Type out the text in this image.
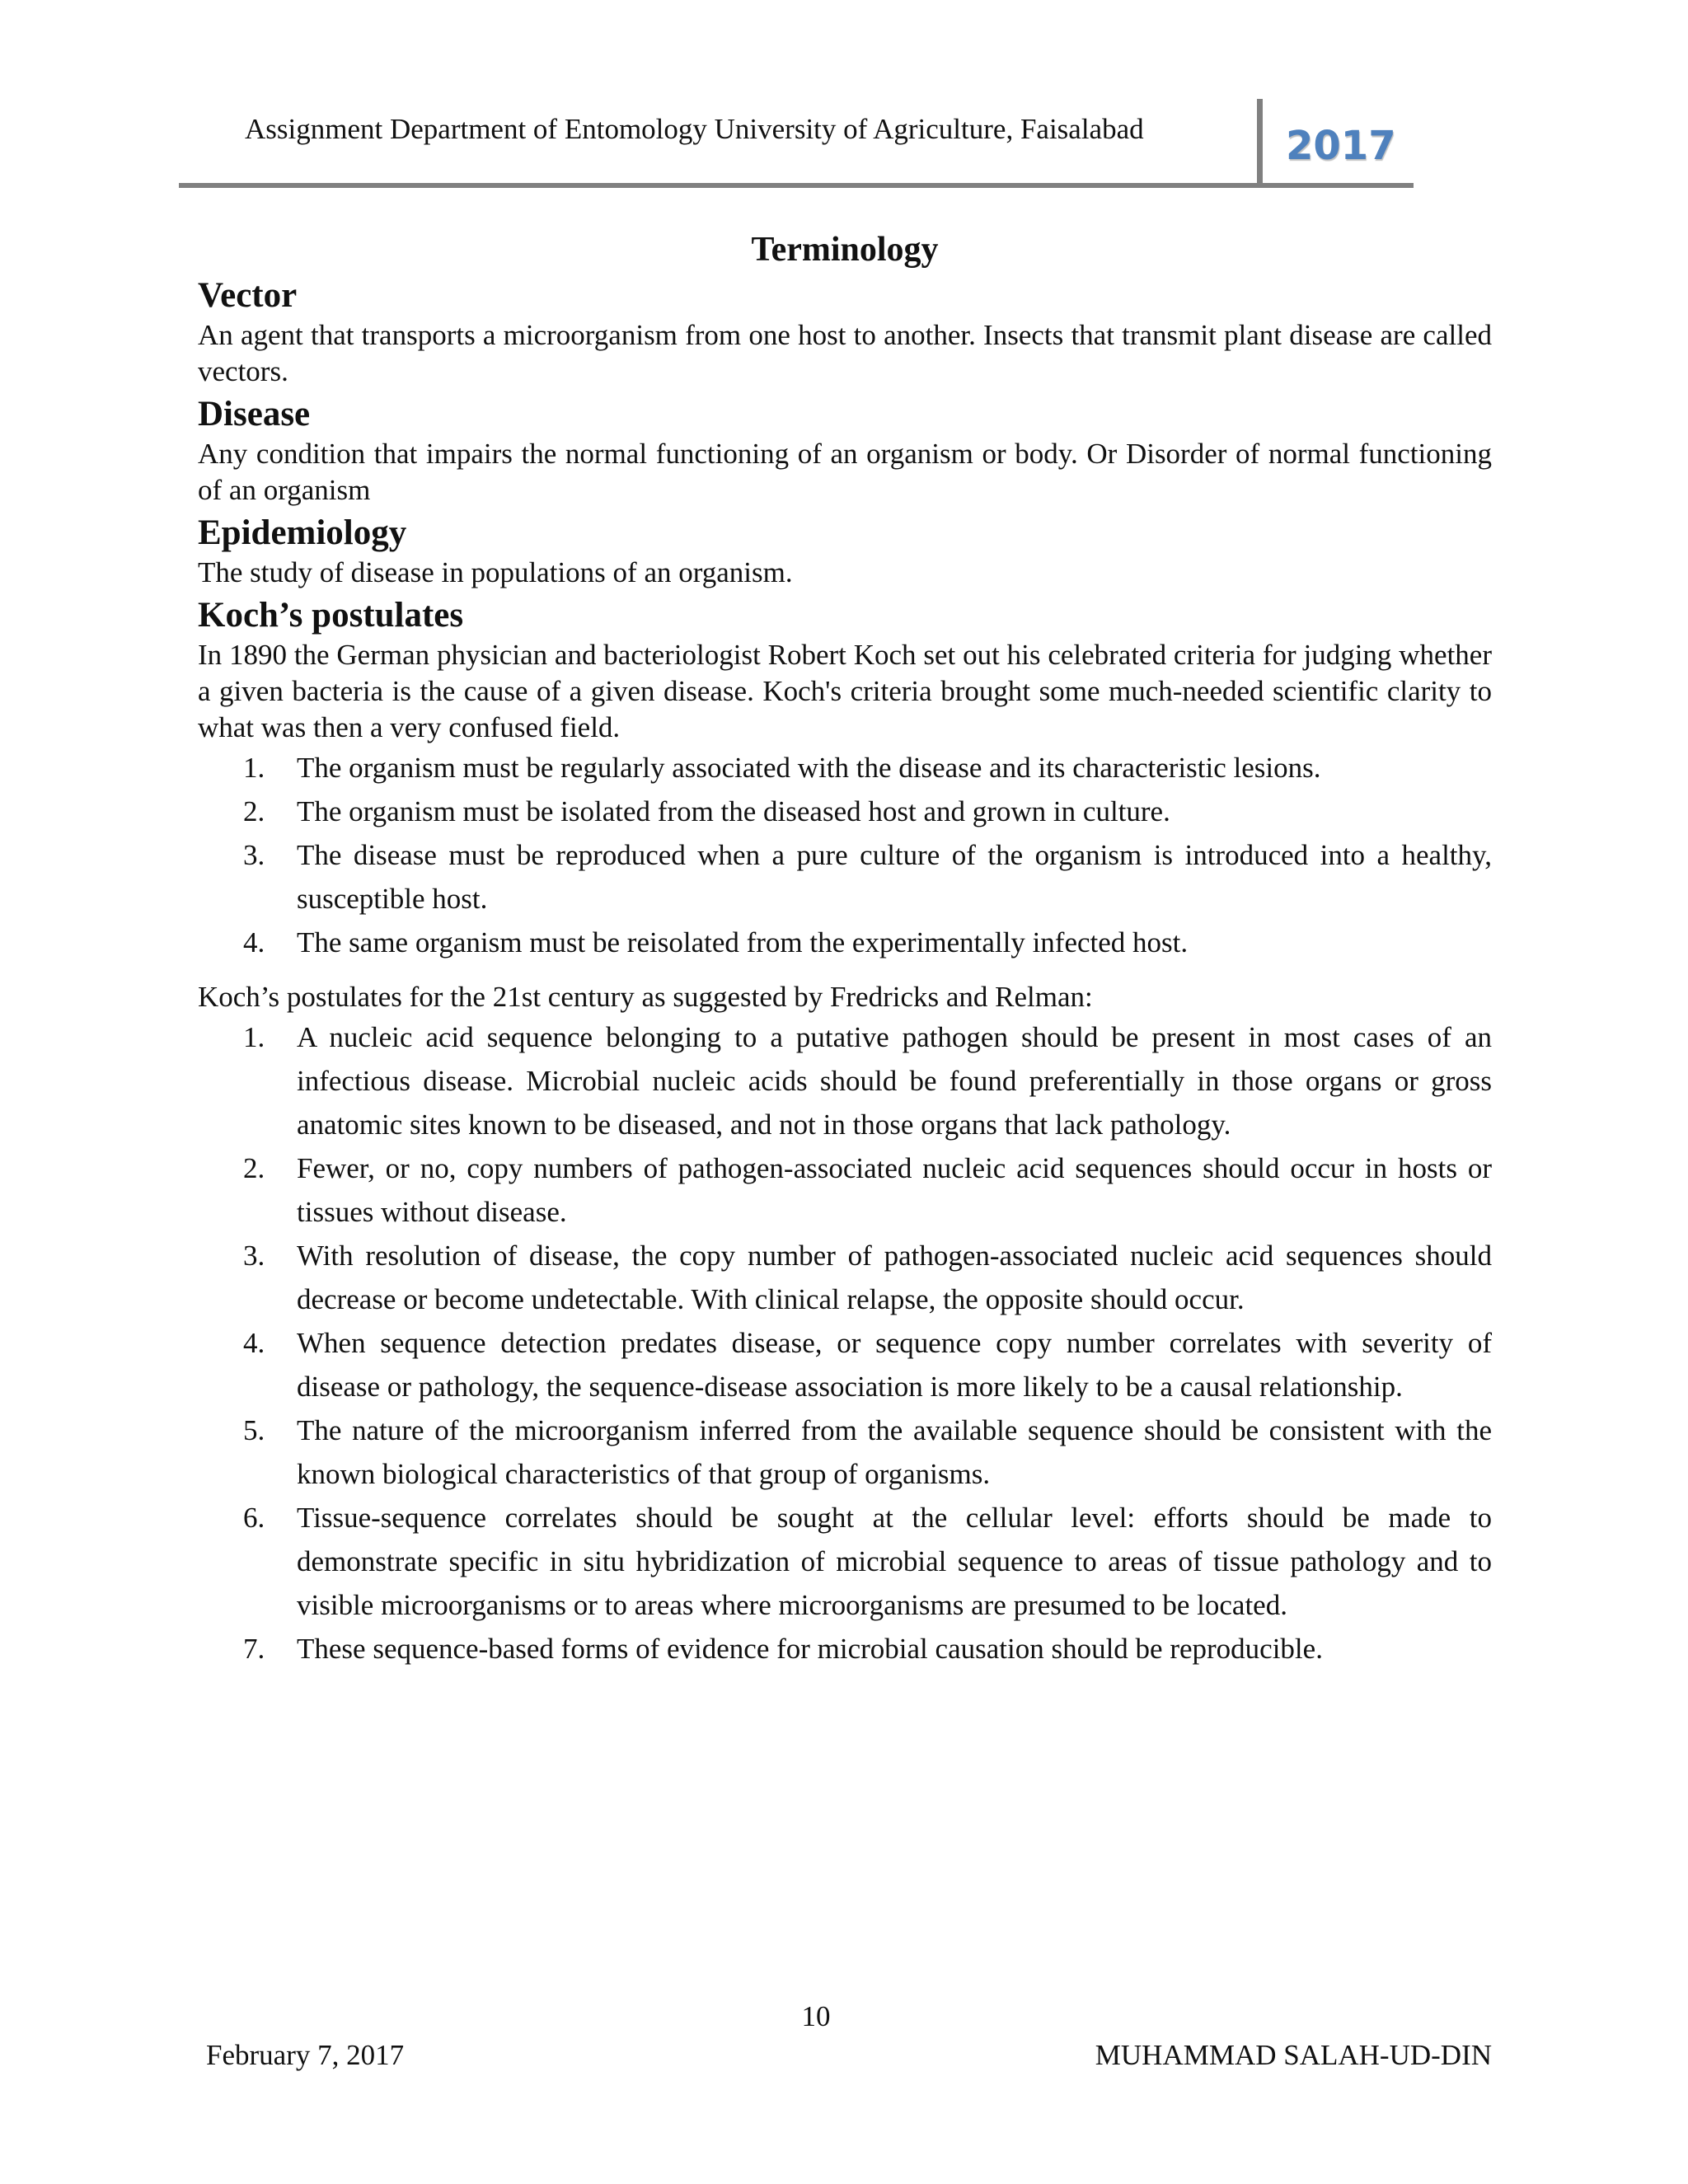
Assignment Department of Entomology University of Agriculture, Faisalabad	2017
Terminology
Vector

An agent that transports a microorganism from one host to another. Insects that transmit plant disease are called vectors.

Disease

Any condition that impairs the normal functioning of an organism or body. Or Disorder of normal functioning of an organism

Epidemiology

The study of disease in populations of an organism.

Koch’s postulates

In 1890 the German physician and bacteriologist Robert Koch set out his celebrated criteria for judging whether a given bacteria is the cause of a given disease. Koch's criteria brought some much-needed scientific clarity to what was then a very confused field.

1. The organism must be regularly associated with the disease and its characteristic lesions.
2. The organism must be isolated from the diseased host and grown in culture.
3. The disease must be reproduced when a pure culture of the organism is introduced into a healthy, susceptible host.
4. The same organism must be reisolated from the experimentally infected host.

Koch’s postulates for the 21st century as suggested by Fredricks and Relman:

1. A nucleic acid sequence belonging to a putative pathogen should be present in most cases of an infectious disease. Microbial nucleic acids should be found preferentially in those organs or gross anatomic sites known to be diseased, and not in those organs that lack pathology.
2. Fewer, or no, copy numbers of pathogen-associated nucleic acid sequences should occur in hosts or tissues without disease.
3. With resolution of disease, the copy number of pathogen-associated nucleic acid sequences should decrease or become undetectable. With clinical relapse, the opposite should occur.
4. When sequence detection predates disease, or sequence copy number correlates with severity of disease or pathology, the sequence-disease association is more likely to be a causal relationship.
5. The nature of the microorganism inferred from the available sequence should be consistent with the known biological characteristics of that group of organisms.
6. Tissue-sequence correlates should be sought at the cellular level: efforts should be made to demonstrate specific in situ hybridization of microbial sequence to areas of tissue pathology and to visible microorganisms or to areas where microorganisms are presumed to be located.
7. These sequence-based forms of evidence for microbial causation should be reproducible.
10
February 7, 2017	MUHAMMAD SALAH-UD-DIN
